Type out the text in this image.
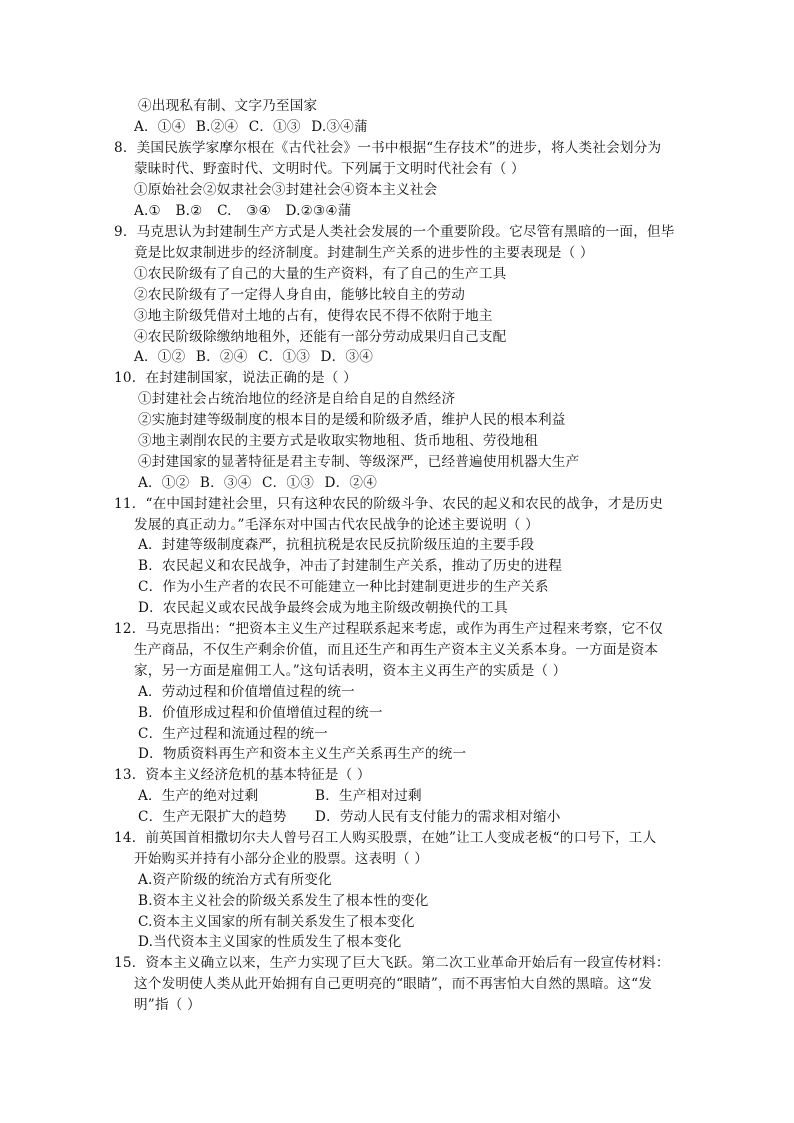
④出现私有制、文字乃至国家
A．①④ B.②④ C．①③ D.③④蒲
8．美国民族学家摩尔根在《古代社会》一书中根据“生存技术”的进步，将人类社会划分为
蒙昧时代、野蛮时代、文明时代。下列属于文明时代社会有（ ）
①原始社会②奴隶社会③封建社会④资本主义社会
A.① B.② C. ③④ D.②③④蒲
9．马克思认为封建制生产方式是人类社会发展的一个重要阶段。它尽管有黑暗的一面，但毕
竟是比奴隶制进步的经济制度。封建制生产关系的进步性的主要表现是（ ）
①农民阶级有了自己的大量的生产资料，有了自己的生产工具
②农民阶级有了一定得人身自由，能够比较自主的劳动
③地主阶级凭借对土地的占有，使得农民不得不依附于地主
④农民阶级除缴纳地租外，还能有一部分劳动成果归自己支配
A．①② B．②④ C．①③ D．③④
10．在封建制国家，说法正确的是（ ）
①封建社会占统治地位的经济是自给自足的自然经济
②实施封建等级制度的根本目的是缓和阶级矛盾，维护人民的根本利益
③地主剥削农民的主要方式是收取实物地租、货币地租、劳役地租
④封建国家的显著特征是君主专制、等级深严，已经普遍使用机器大生产
A．①② B．③④ C．①③ D．②④
11．“在中国封建社会里，只有这种农民的阶级斗争、农民的起义和农民的战争，才是历史
发展的真正动力。”毛泽东对中国古代农民战争的论述主要说明（ ）
A．封建等级制度森严，抗租抗税是农民反抗阶级压迫的主要手段
B．农民起义和农民战争，冲击了封建制生产关系，推动了历史的进程
C．作为小生产者的农民不可能建立一种比封建制更进步的生产关系
D．农民起义或农民战争最终会成为地主阶级改朝换代的工具
12．马克思指出：“把资本主义生产过程联系起来考虑，或作为再生产过程来考察，它不仅
生产商品，不仅生产剩余价值，而且还生产和再生产资本主义关系本身。一方面是资本
家，另一方面是雇佣工人。”这句话表明，资本主义再生产的实质是（ ）
A．劳动过程和价值增值过程的统一
B．价值形成过程和价值增值过程的统一
C．生产过程和流通过程的统一
D．物质资料再生产和资本主义生产关系再生产的统一
13．资本主义经济危机的基本特征是（ ）
A．生产的绝对过剩	B．生产相对过剩
C．生产无限扩大的趋势 D．劳动人民有支付能力的需求相对缩小
14．前英国首相撒切尔夫人曾号召工人购买股票，在她”让工人变成老板“的口号下，工人
开始购买并持有小部分企业的股票。这表明（ ）
A.资产阶级的统治方式有所变化
B.资本主义社会的阶级关系发生了根本性的变化
C.资本主义国家的所有制关系发生了根本变化
D.当代资本主义国家的性质发生了根本变化
15．资本主义确立以来，生产力实现了巨大飞跃。第二次工业革命开始后有一段宣传材料：
这个发明使人类从此开始拥有自己更明亮的“眼睛”，而不再害怕大自然的黑暗。这“发
明”指（ ）
